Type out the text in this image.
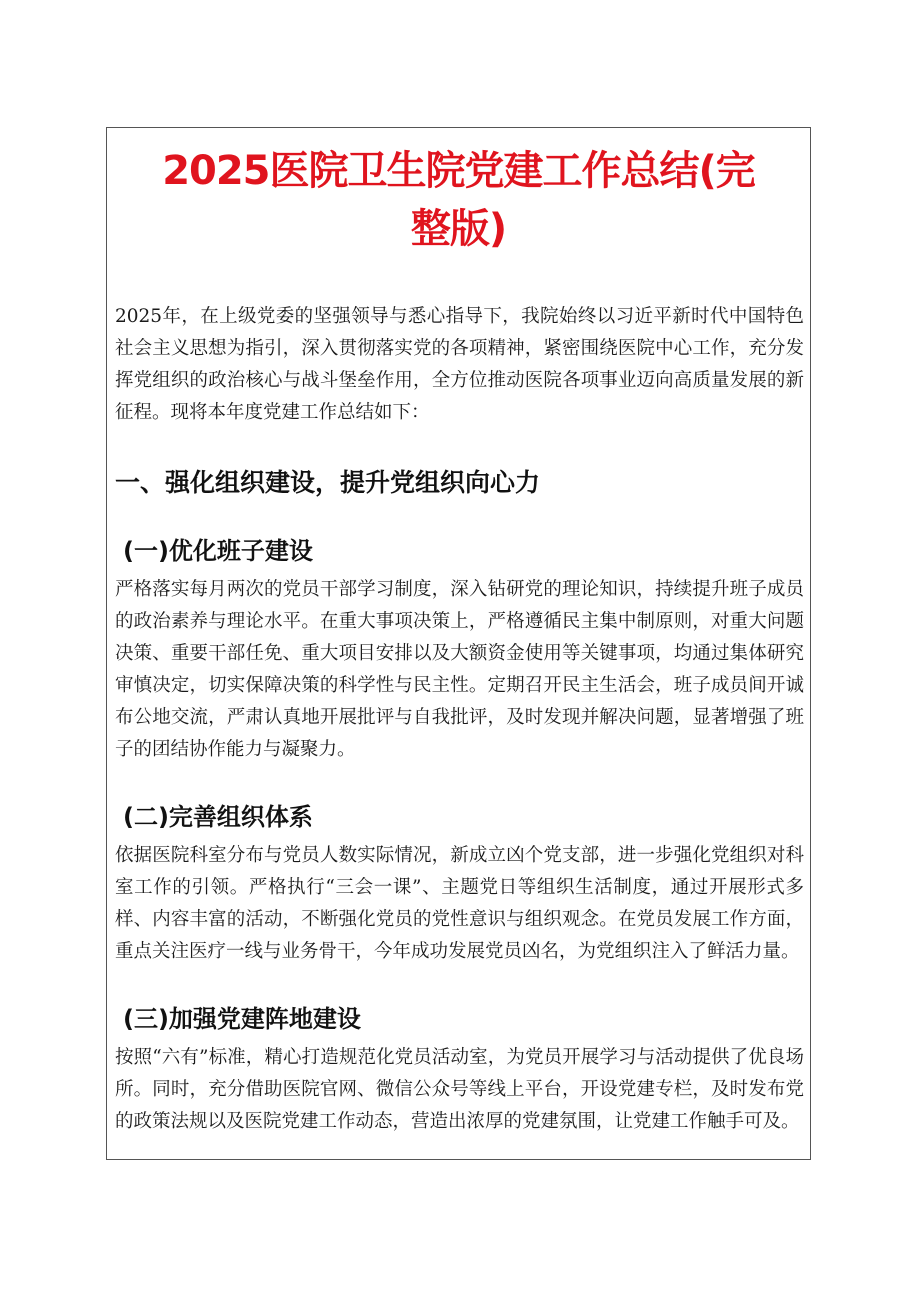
2025医院卫生院党建工作总结(完
整版)

2025年，在上级党委的坚强领导与悉心指导下，我院始终以习近平新时代中国特色社会主义思想为指引，深入贯彻落实党的各项精神，紧密围绕医院中心工作，充分发挥党组织的政治核心与战斗堡垒作用，全方位推动医院各项事业迈向高质量发展的新征程。现将本年度党建工作总结如下：

一、强化组织建设，提升党组织向心力
(一)优化班子建设

严格落实每月两次的党员干部学习制度，深入钻研党的理论知识，持续提升班子成员的政治素养与理论水平。在重大事项决策上，严格遵循民主集中制原则，对重大问题决策、重要干部任免、重大项目安排以及大额资金使用等关键事项，均通过集体研究审慎决定，切实保障决策的科学性与民主性。定期召开民主生活会，班子成员间开诚布公地交流，严肃认真地开展批评与自我批评，及时发现并解决问题，显著增强了班子的团结协作能力与凝聚力。

(二)完善组织体系

依据医院科室分布与党员人数实际情况，新成立凶个党支部，进一步强化党组织对科室工作的引领。严格执行“三会一课”、主题党日等组织生活制度，通过开展形式多样、内容丰富的活动，不断强化党员的党性意识与组织观念。在党员发展工作方面，重点关注医疗一线与业务骨干，今年成功发展党员凶名，为党组织注入了鲜活力量。

(三)加强党建阵地建设

按照“六有”标准，精心打造规范化党员活动室，为党员开展学习与活动提供了优良场所。同时，充分借助医院官网、微信公众号等线上平台，开设党建专栏，及时发布党的政策法规以及医院党建工作动态，营造出浓厚的党建氛围，让党建工作触手可及。
